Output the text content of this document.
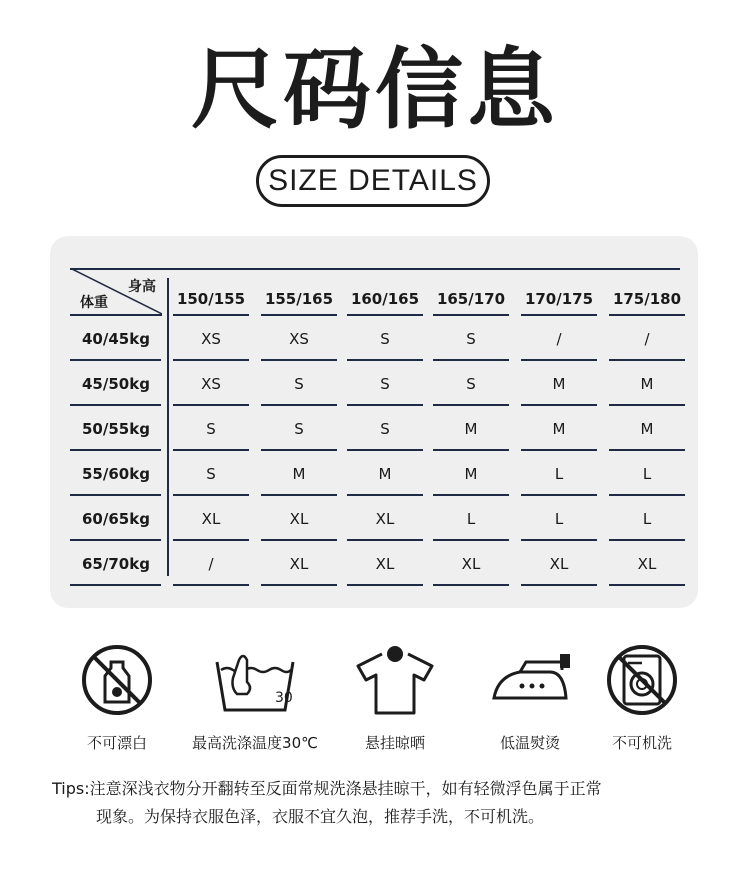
尺码信息
SIZE DETAILS
身高
体重	150/155	155/165	160/165	165/170	170/175	175/180
40/45kg	XS	XS	S	S	/	/
45/50kg	XS	S	S	S	M	M
50/55kg	S	S	S	M	M	M
55/60kg	S	M	M	M	L	L
60/65kg	XL	XL	XL	L	L	L
65/70kg	/	XL	XL	XL	XL	XL
不可漂白
30
最高洗涤温度30℃	悬挂晾晒	低温熨烫	不可机洗
Tips:注意深浅衣物分开翻转至反面常规洗涤悬挂晾干，如有轻微浮色属于正常
现象。为保持衣服色泽，衣服不宜久泡，推荐手洗，不可机洗。
